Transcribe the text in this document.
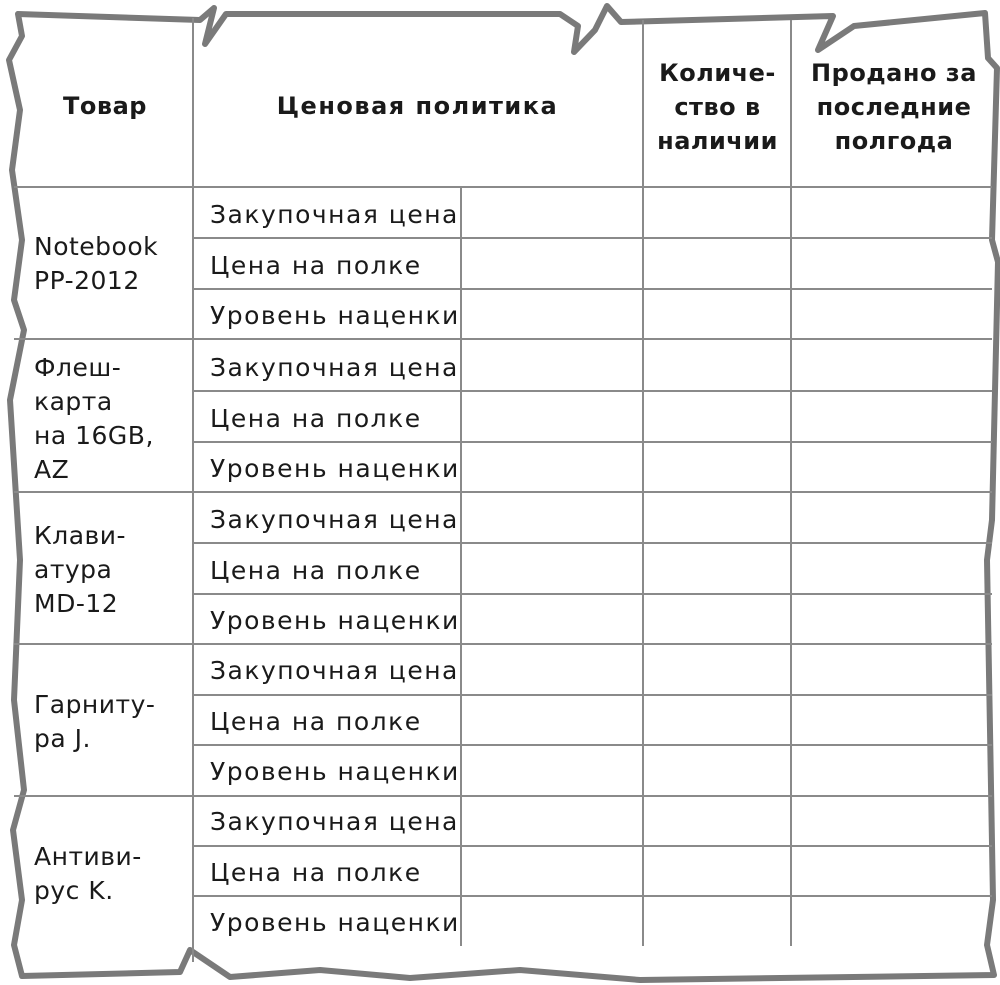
Товар	Ценовая политика
Количе-
ство в
наличии
Продано за
последние
полгода
Notebook
PP-2012
Флеш-
карта
на 16GB,
AZ
Клави-
атура
MD-12
Гарниту-
ра J.
Антиви-
рус K.
Закупочная цена
Цена на полке
Уровень наценки
Закупочная цена
Цена на полке
Уровень наценки
Закупочная цена
Цена на полке
Уровень наценки
Закупочная цена
Цена на полке
Уровень наценки
Закупочная цена
Цена на полке
Уровень наценки
